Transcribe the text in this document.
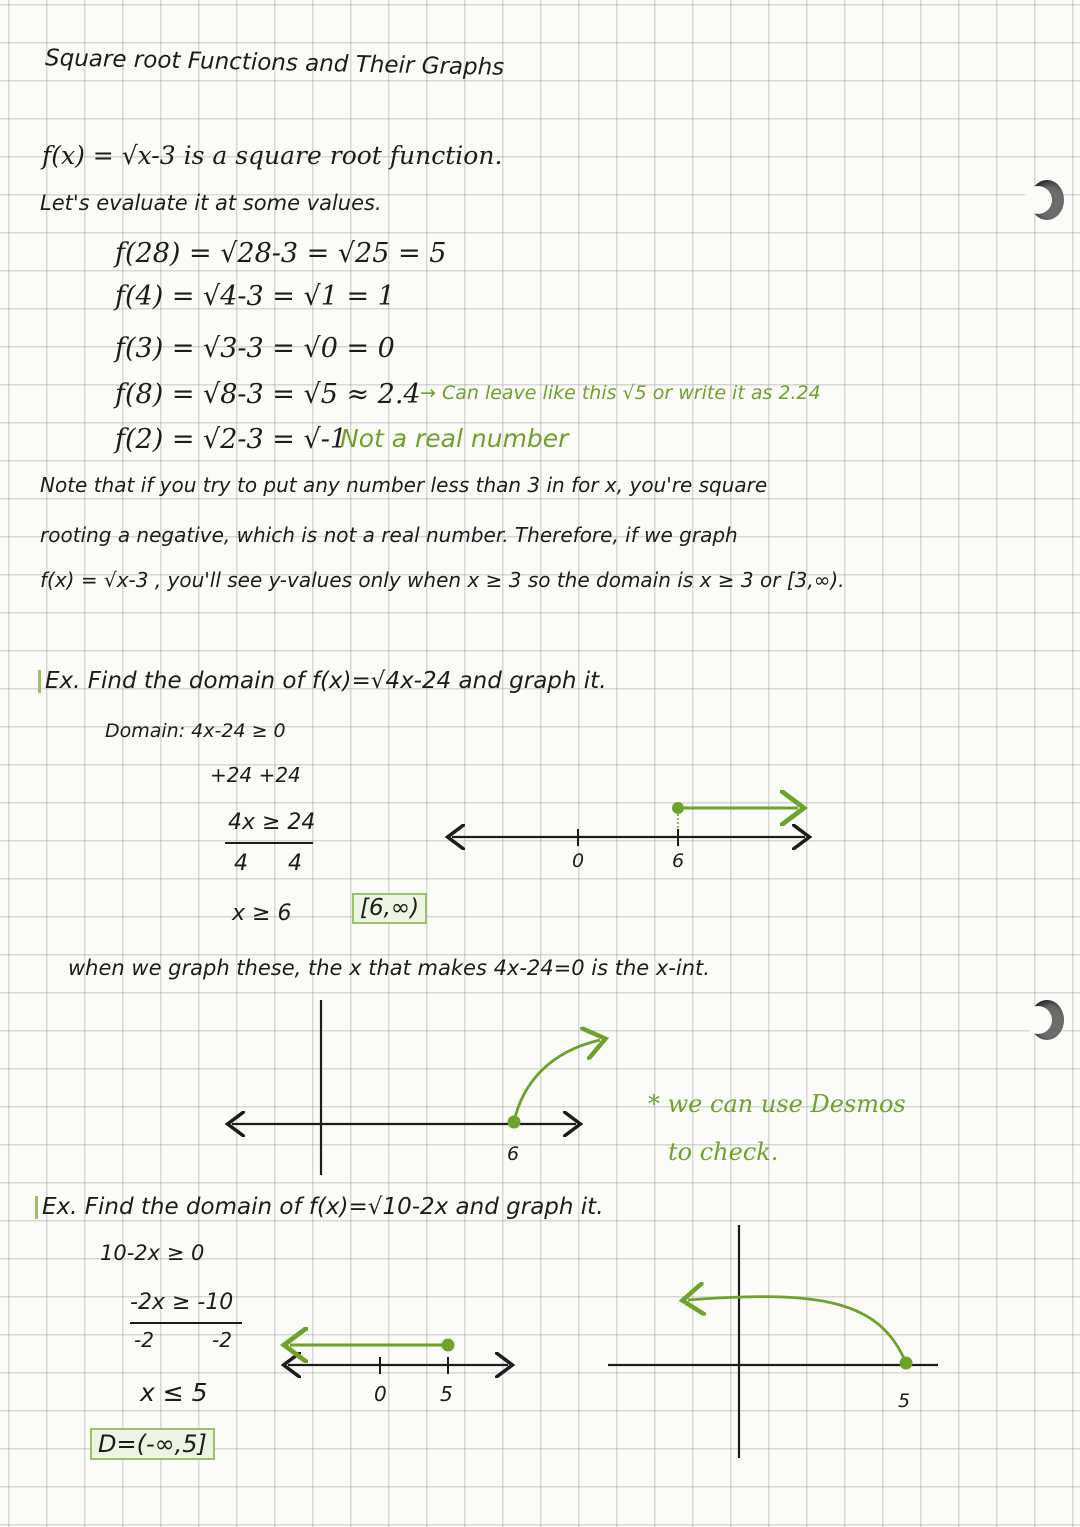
Square root Functions and Their Graphs
f(x) = √x-3 is a square root function.
Let's evaluate it at some values.
f(28) = √28-3 = √25 = 5
f(4) = √4-3 = √1 = 1
f(3) = √3-3 = √0 = 0
f(8) = √8-3 = √5 ≈ 2.4 → Can leave like this √5 or write it as 2.24
f(2) = √2-3 = √-1
Not a real number
Note that if you try to put any number less than 3 in for x, you're square
rooting a negative, which is not a real number. Therefore, if we graph
f(x) = √x-3 , you'll see y-values only when x ≥ 3 so the domain is x ≥ 3 or [3,∞).
Ex. Find the domain of f(x)=√4x-24 and graph it.
Domain: 4x-24 ≥ 0
+24 +24
4x ≥ 24
4 4
x ≥ 6	[6,∞)
0	6
when we graph these, the x that makes 4x-24=0 is the x-int.
6
* we can use Desmos
to check.
Ex. Find the domain of f(x)=√10-2x and graph it.
10-2x ≥ 0
-2x ≥ -10
-2	-2
x ≤ 5
D=(-∞,5]
0	5	5
